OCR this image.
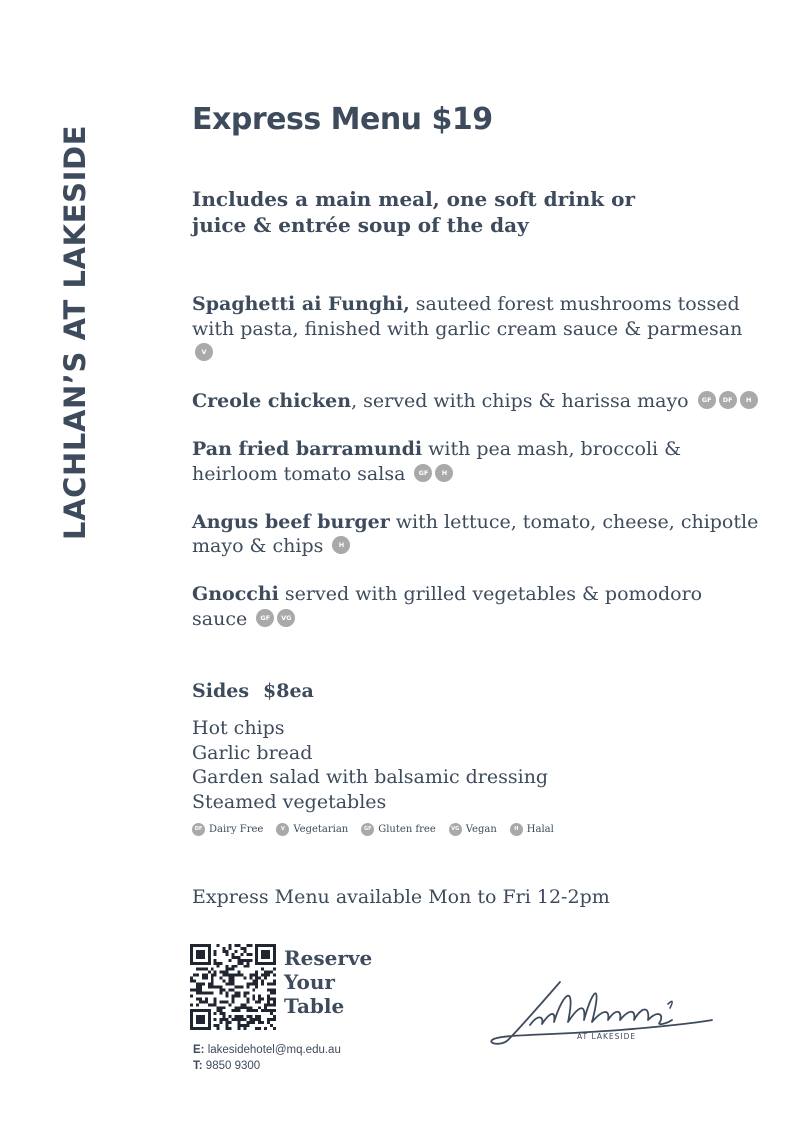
LACHLAN’S AT LAKESIDE
Express Menu $19

Includes a main meal, one soft drink or juice & entrée soup of the day

Spaghetti ai Funghi, sauteed forest mushrooms tossed with pasta, finished with garlic cream sauce & parmesan V

Creole chicken, served with chips & harissa mayo GF DF H

Pan fried barramundi with pea mash, broccoli & heirloom tomato salsa GF H

Angus beef burger with lettuce, tomato, cheese, chipotle mayo & chips H

Gnocchi served with grilled vegetables & pomodoro sauce GF VG

Sides $8ea
Hot chips
Garlic bread
Garden salad with balsamic dressing
Steamed vegetables
DF Dairy Free	V Vegetarian	GF Gluten free	VG Vegan	H Halal

Express Menu available Mon to Fri 12-2pm

Reserve
Your
Table

E: lakesidehotel@mq.edu.au
T: 9850 9300
AT LAKESIDE
